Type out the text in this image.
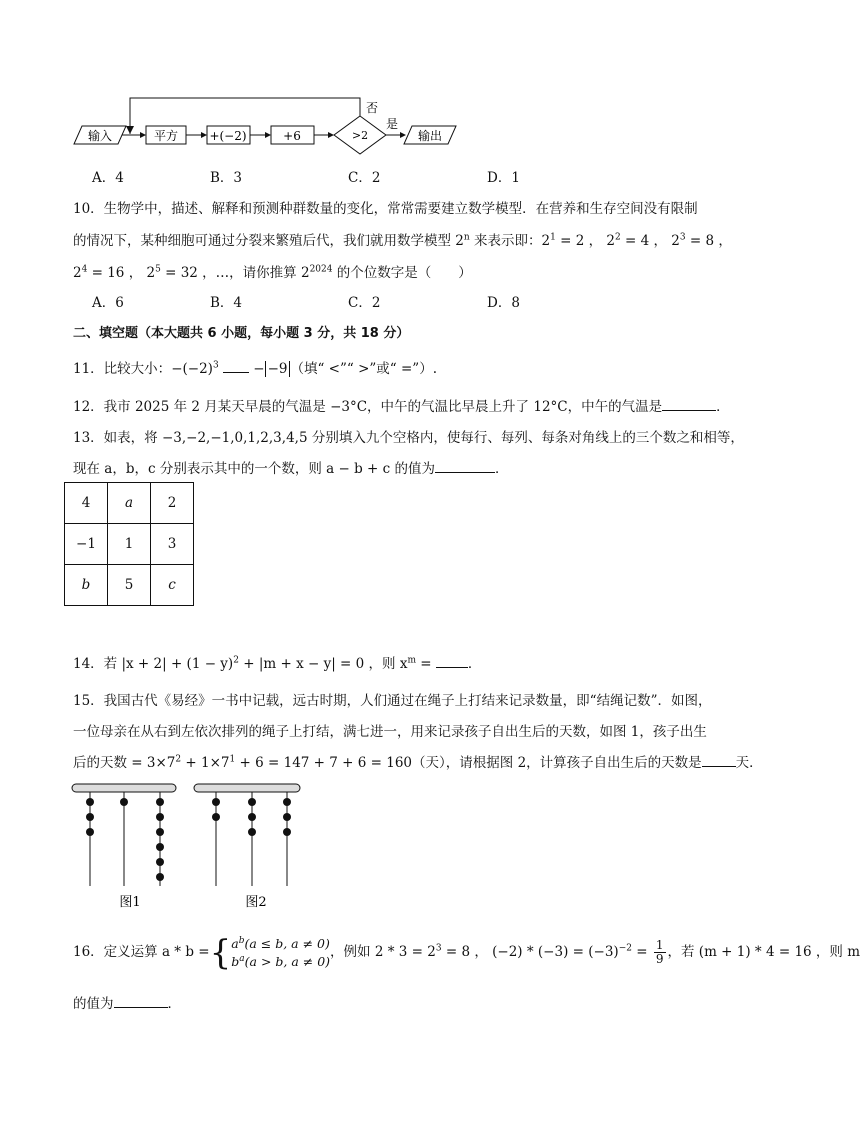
输入	平方	+(−2)	+6	>2
否
是
输出
A．4	B．3	C．2	D．1
10．生物学中，描述、解释和预测种群数量的变化，常常需要建立数学模型．在营养和生存空间没有限制
的情况下，某种细胞可通过分裂来繁殖后代，我们就用数学模型 2$^n$ 来表示即：$2^1 = 2$ ， $2^2 = 4$ ， $2^3 = 8$ ，
$2^4 = 16$ ， $2^5 = 32$ ，…，请你推算 $2^{2024}$ 的个位数字是（　　）
A．6	B．4	C．2	D．8
二、填空题（本大题共 6 小题，每小题 3 分，共 18 分）
11．比较大小：$-(-2)^3$	− −9 （填“ <”“ >”或“ =”）.
12．我市 2025 年 2 月某天早晨的气温是 −3°C，中午的气温比早晨上升了 12°C，中午的气温是	．
13．如表，将 −3,−2,−1,0,1,2,3,4,5 分别填入九个空格内，使每行、每列、每条对角线上的三个数之和相等，
现在 a，b，c 分别表示其中的一个数，则 a − b + c 的值为	．
4	a	2
−1	1	3
b	5	c
14．若 $|x + 2| + (1 - y)^2 + |m + x - y| = 0$ ，则 $x^m$ =	．
15．我国古代《易经》一书中记载，远古时期，人们通过在绳子上打结来记录数量，即“结绳记数”．如图，
一位母亲在从右到左依次排列的绳子上打结，满七进一，用来记录孩子自出生后的天数，如图 1，孩子出生
后的天数 = $3\times 7^2 + 1\times 7^1 + 6 = 147 + 7 + 6 = 160$（天），请根据图 2，计算孩子自出生后的天数是	天．
图1	图2
16．定义运算 a * b ={ $a^b(a \le b$, a ≠ 0)
$b^a(a > b$, a ≠ 0)
，例如 $2 * 3 = 2^3 = 8$ ， $(-2) * (-3) = (-3)^{-2} = \frac{1}{9}$ ，若 (m + 1) * 4 = 16 ，则 m
的值为	．
